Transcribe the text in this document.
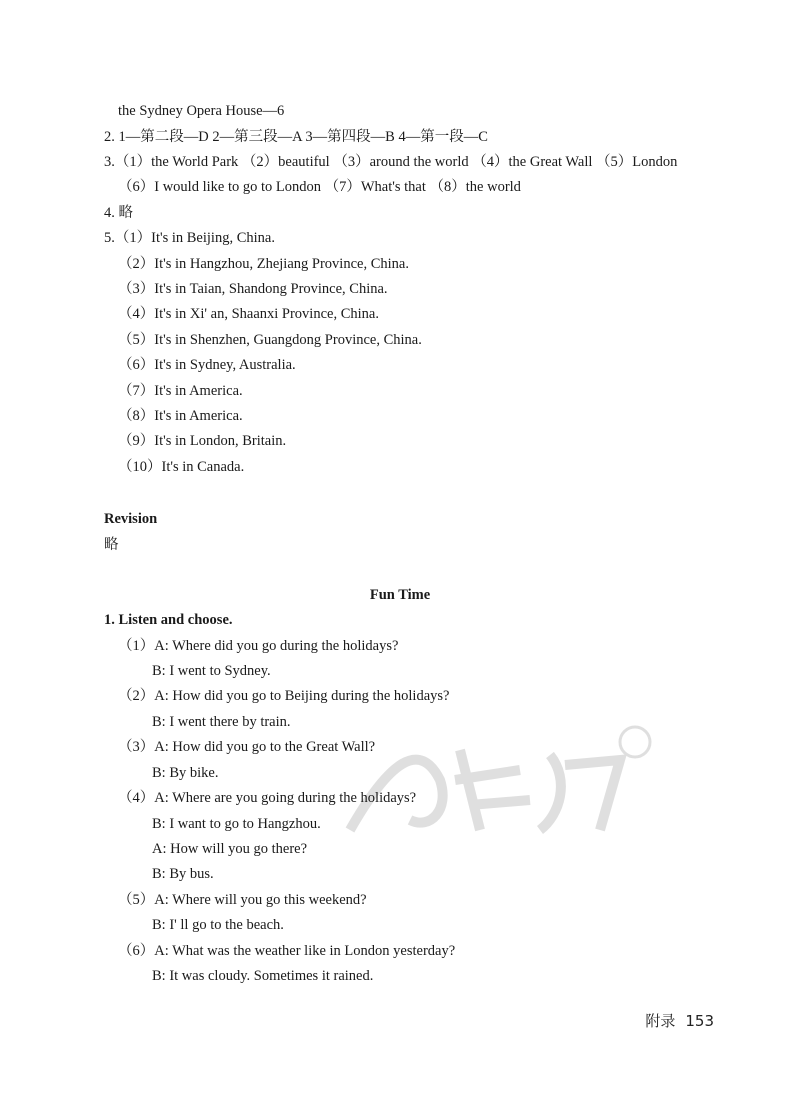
the Sydney Opera House—6
2. 1—第二段—D 2—第三段—A 3—第四段—B 4—第一段—C
3.（1）the World Park （2）beautiful （3）around the world （4）the Great Wall （5）London
（6）I would like to go to London （7）What's that （8）the world
4. 略
5.（1）It's in Beijing, China.
（2）It's in Hangzhou, Zhejiang Province, China.
（3）It's in Taian, Shandong Province, China.
（4）It's in Xi' an, Shaanxi Province, China.
（5）It's in Shenzhen, Guangdong Province, China.
（6）It's in Sydney, Australia.
（7）It's in America.
（8）It's in America.
（9）It's in London, Britain.
（10）It's in Canada.
Revision
略
Fun Time
1. Listen and choose.
（1）A: Where did you go during the holidays?
B: I went to Sydney.
（2）A: How did you go to Beijing during the holidays?
B: I went there by train.
（3）A: How did you go to the Great Wall?
B: By bike.
（4）A: Where are you going during the holidays?
B: I want to go to Hangzhou.
A: How will you go there?
B: By bus.
（5）A: Where will you go this weekend?
B: I' ll go to the beach.
（6）A: What was the weather like in London yesterday?
B: It was cloudy. Sometimes it rained.
附录 153
